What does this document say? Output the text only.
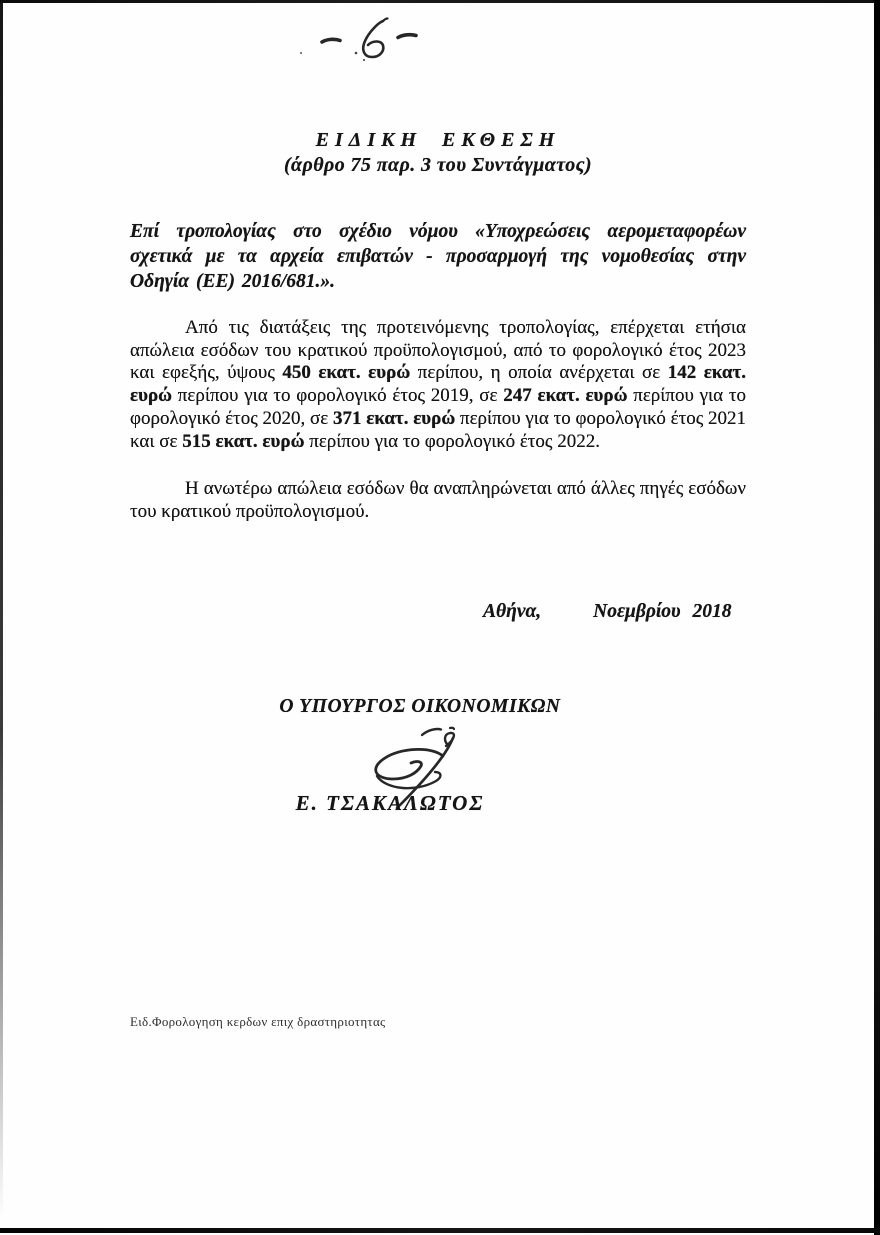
ΕΙΔΙΚΗ ΕΚΘΕΣΗ
(άρθρο 75 παρ. 3 του Συντάγματος)
Επί τροπολογίας στο σχέδιο νόμου «Υποχρεώσεις αερομεταφορέων σχετικά με τα αρχεία επιβατών - προσαρμογή της νομοθεσίας στην Οδηγία (ΕΕ) 2016/681.».
Από τις διατάξεις της προτεινόμενης τροπολογίας, επέρχεται ετήσια απώλεια εσόδων του κρατικού προϋπολογισμού, από το φορολογικό έτος 2023 και εφεξής, ύψους 450 εκατ. ευρώ περίπου, η οποία ανέρχεται σε 142 εκατ. ευρώ περίπου για το φορολογικό έτος 2019, σε 247 εκατ. ευρώ περίπου για το φορολογικό έτος 2020, σε 371 εκατ. ευρώ περίπου για το φορολογικό έτος 2021 και σε 515 εκατ. ευρώ περίπου για το φορολογικό έτος 2022.
Η ανωτέρω απώλεια εσόδων θα αναπληρώνεται από άλλες πηγές εσόδων του κρατικού προϋπολογισμού.
Αθήνα,	Νοεμβρίου 2018
Ο ΥΠΟΥΡΓΟΣ ΟΙΚΟΝΟΜΙΚΩΝ
Ε. ΤΣΑΚΑΛΩΤΟΣ
Ειδ.Φορολογηση κερδων επιχ δραστηριοτητας
